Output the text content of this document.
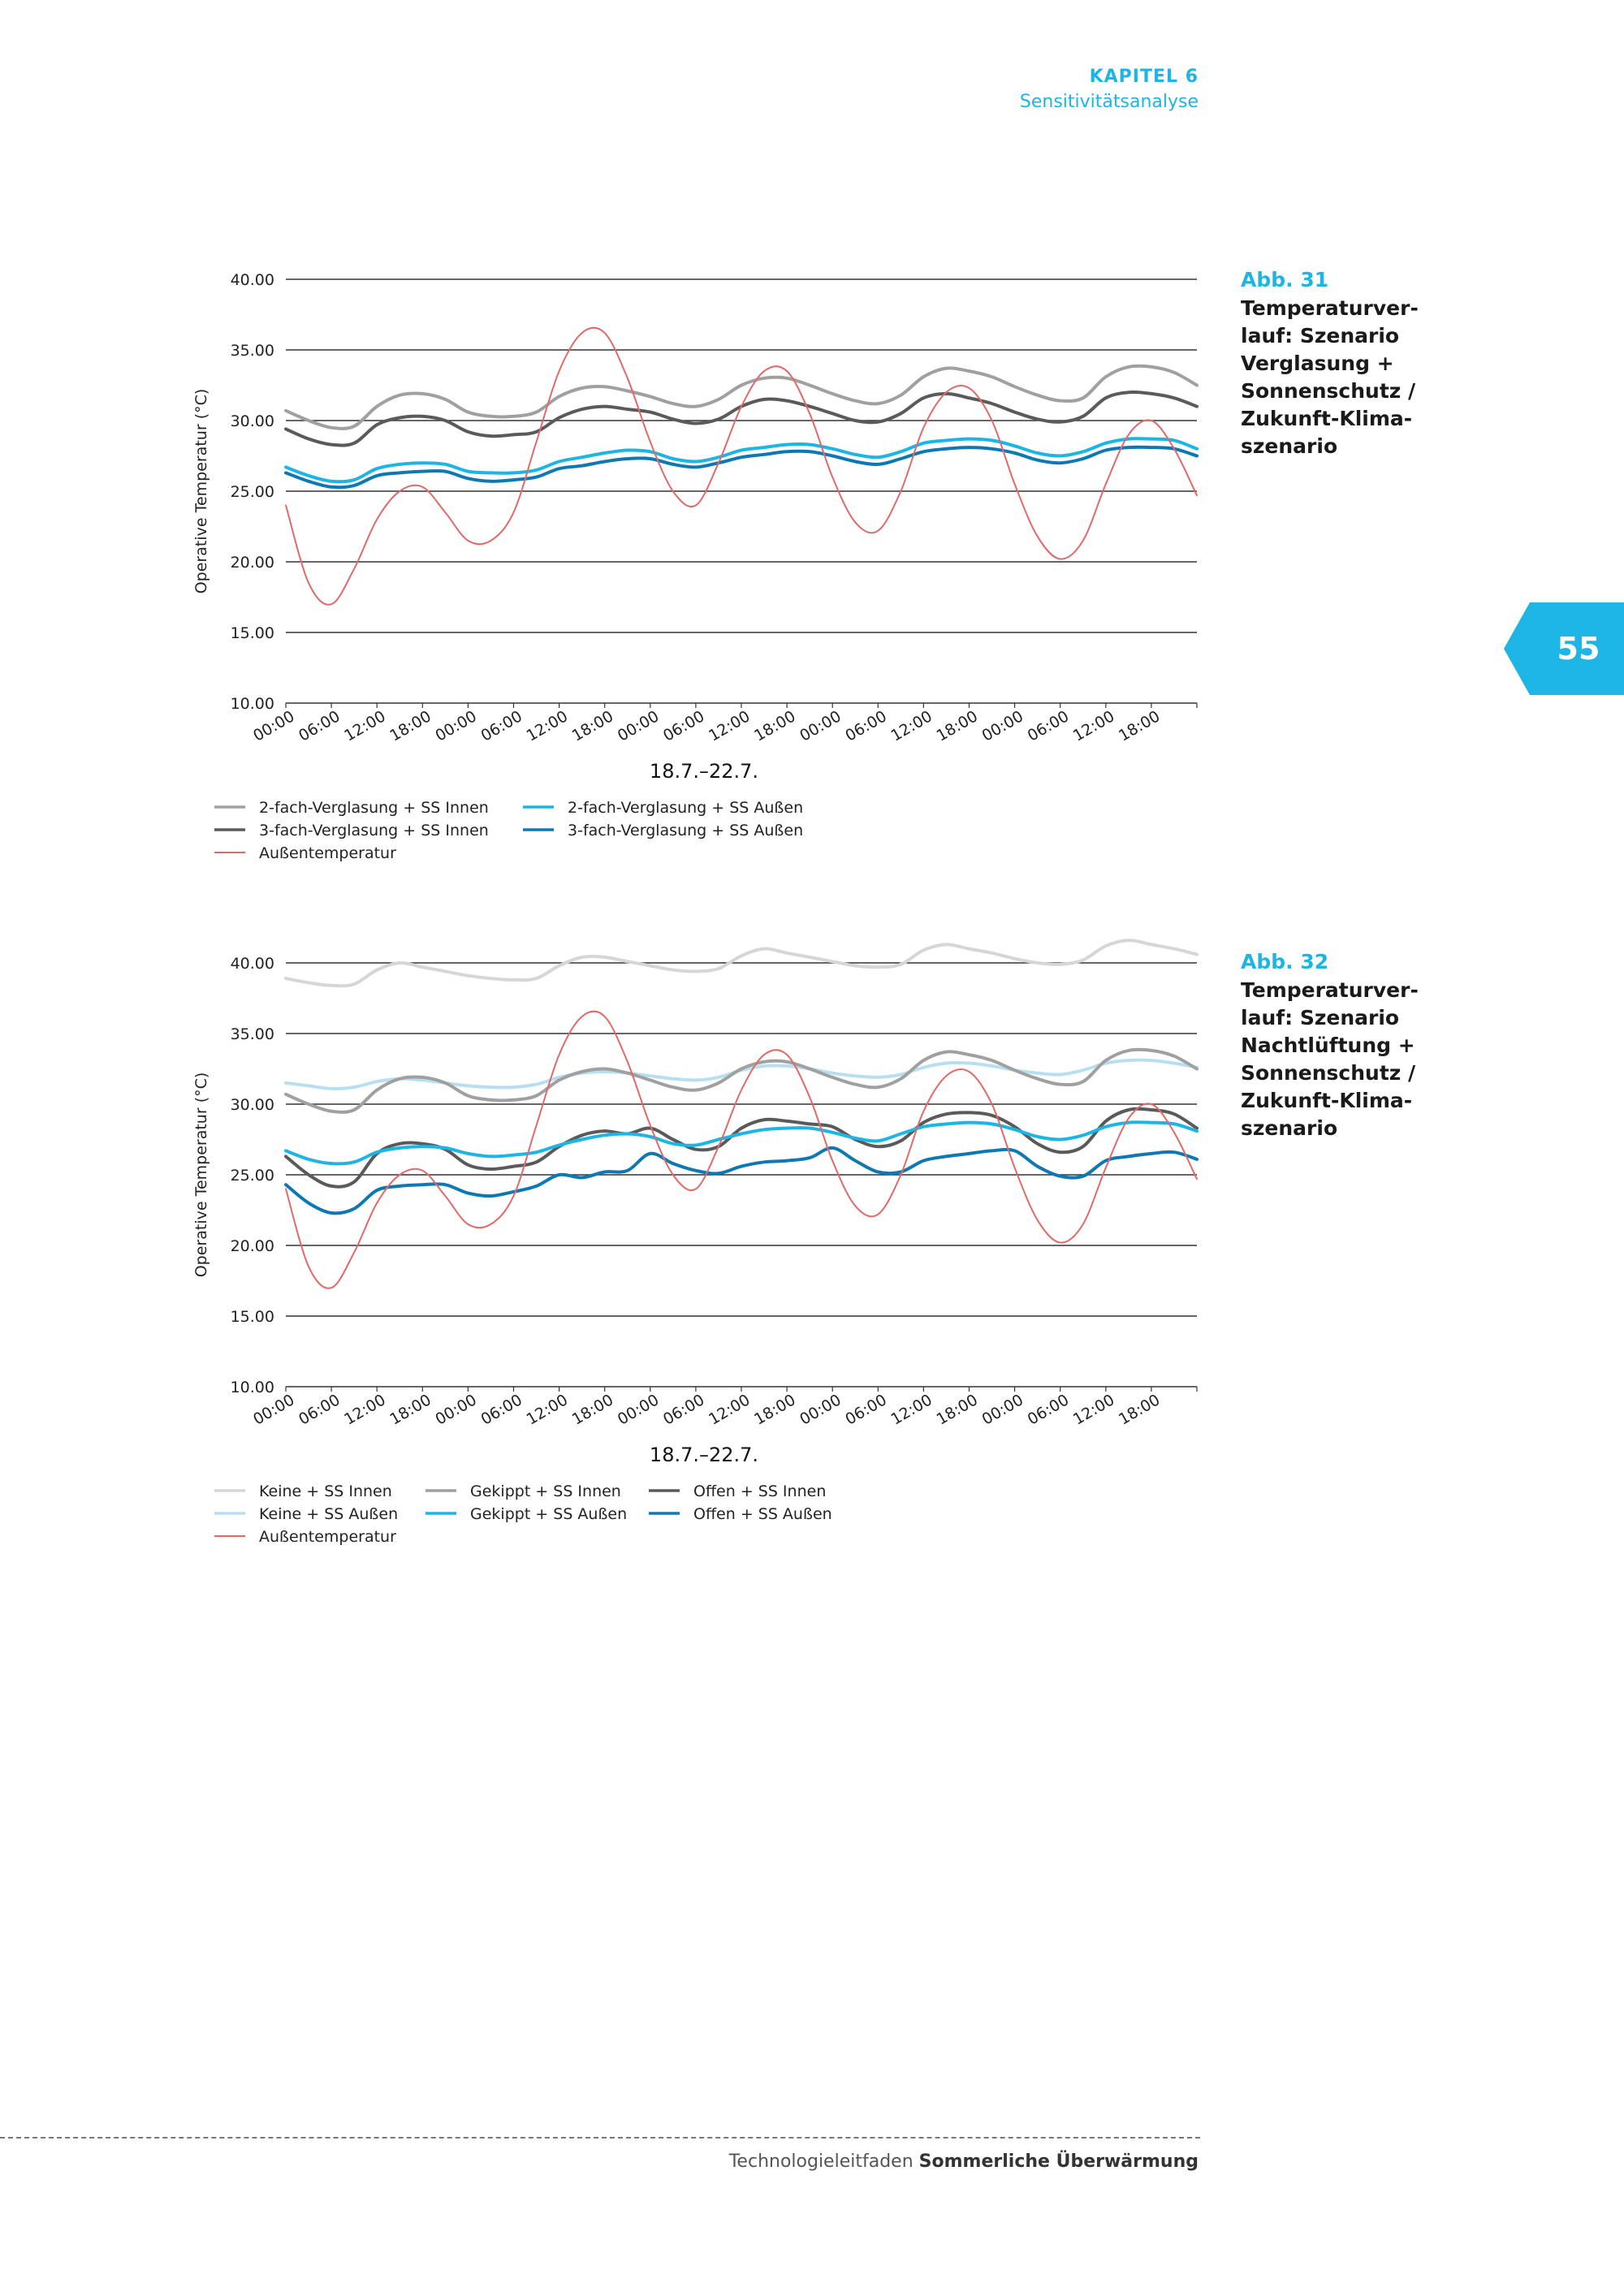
KAPITEL 6
Sensitivitätsanalyse
55
40.00
35.00
30.00
25.00
20.00
15.00
10.00
00:00
06:00
12:00
18:00
00:00
06:00
12:00
18:00
00:00
06:00
12:00
18:00
00:00
06:00
12:00
18:00
00:00
06:00
12:00
18:00
Operative Temperatur (°C)
18.7.–22.7.
2-fach-Verglasung + SS Innen
3-fach-Verglasung + SS Innen
2-fach-Verglasung + SS Außen
3-fach-Verglasung + SS Außen
Außentemperatur
Abb. 31
Temperaturver-
lauf: Szenario
Verglasung +
Sonnenschutz /
Zukunft-Klima-
szenario
40.00
35.00
30.00
25.00
20.00
15.00
10.00
00:00
06:00
12:00
18:00
00:00
06:00
12:00
18:00
00:00
06:00
12:00
18:00
00:00
06:00
12:00
18:00
00:00
06:00
12:00
18:00
Operative Temperatur (°C)
18.7.–22.7.
Keine + SS Innen
Keine + SS Außen
Gekippt + SS Innen	Offen + SS Innen
Gekippt + SS Außen	Offen + SS Außen
Außentemperatur
Abb. 32
Temperaturver-
lauf: Szenario
Nachtlüftung +
Sonnenschutz /
Zukunft-Klima-
szenario
Technologieleitfaden Sommerliche Überwärmung
